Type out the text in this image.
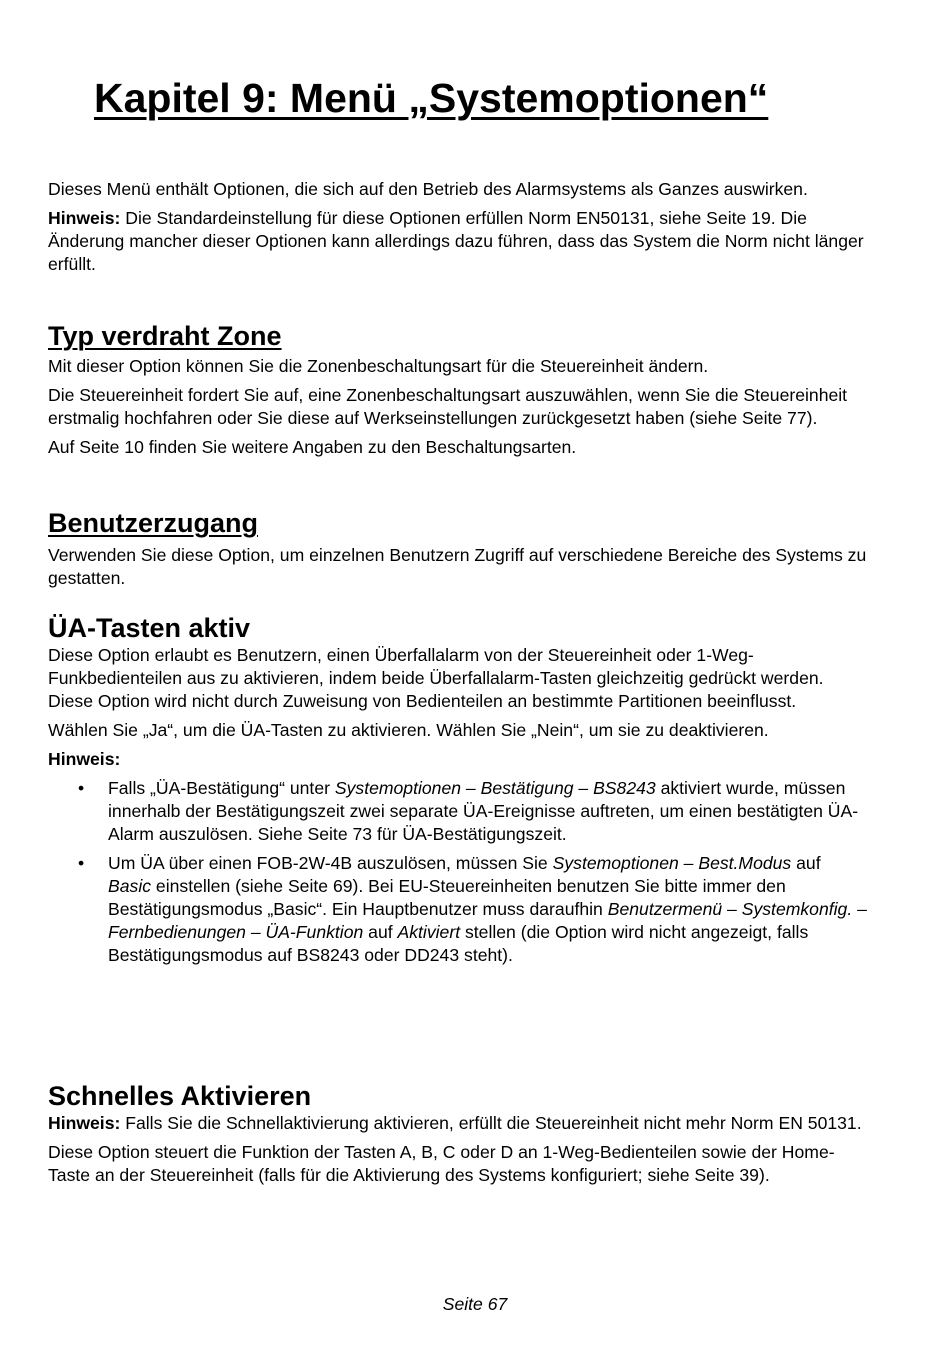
Kapitel 9: Menü „Systemoptionen“

Dieses Menü enthält Optionen, die sich auf den Betrieb des Alarmsystems als Ganzes auswirken.

Hinweis: Die Standardeinstellung für diese Optionen erfüllen Norm EN50131, siehe Seite 19. Die Änderung mancher dieser Optionen kann allerdings dazu führen, dass das System die Norm nicht länger erfüllt.

Typ verdraht Zone

Mit dieser Option können Sie die Zonenbeschaltungsart für die Steuereinheit ändern.

Die Steuereinheit fordert Sie auf, eine Zonenbeschaltungsart auszuwählen, wenn Sie die Steuereinheit erstmalig hochfahren oder Sie diese auf Werkseinstellungen zurückgesetzt haben (siehe Seite 77).

Auf Seite 10 finden Sie weitere Angaben zu den Beschaltungsarten.

Benutzerzugang

Verwenden Sie diese Option, um einzelnen Benutzern Zugriff auf verschiedene Bereiche des Systems zu gestatten.

ÜA-Tasten aktiv

Diese Option erlaubt es Benutzern, einen Überfallalarm von der Steuereinheit oder 1-Weg-Funkbedienteilen aus zu aktivieren, indem beide Überfallalarm-Tasten gleichzeitig gedrückt werden. Diese Option wird nicht durch Zuweisung von Bedienteilen an bestimmte Partitionen beeinflusst.

Wählen Sie „Ja“, um die ÜA-Tasten zu aktivieren. Wählen Sie „Nein“, um sie zu deaktivieren.

Hinweis:

• Falls „ÜA-Bestätigung“ unter Systemoptionen – Bestätigung – BS8243 aktiviert wurde, müssen innerhalb der Bestätigungszeit zwei separate ÜA-Ereignisse auftreten, um einen bestätigten ÜA-Alarm auszulösen. Siehe Seite 73 für ÜA-Bestätigungszeit.
• Um ÜA über einen FOB-2W-4B auszulösen, müssen Sie Systemoptionen – Best.Modus auf Basic einstellen (siehe Seite 69). Bei EU-Steuereinheiten benutzen Sie bitte immer den Bestätigungsmodus „Basic“. Ein Hauptbenutzer muss daraufhin Benutzermenü – Systemkonfig. – Fernbedienungen – ÜA-Funktion auf Aktiviert stellen (die Option wird nicht angezeigt, falls Bestätigungsmodus auf BS8243 oder DD243 steht).
Schnelles Aktivieren

Hinweis: Falls Sie die Schnellaktivierung aktivieren, erfüllt die Steuereinheit nicht mehr Norm EN 50131.

Diese Option steuert die Funktion der Tasten A, B, C oder D an 1-Weg-Bedienteilen sowie der Home-Taste an der Steuereinheit (falls für die Aktivierung des Systems konfiguriert; siehe Seite 39).

Seite 67
